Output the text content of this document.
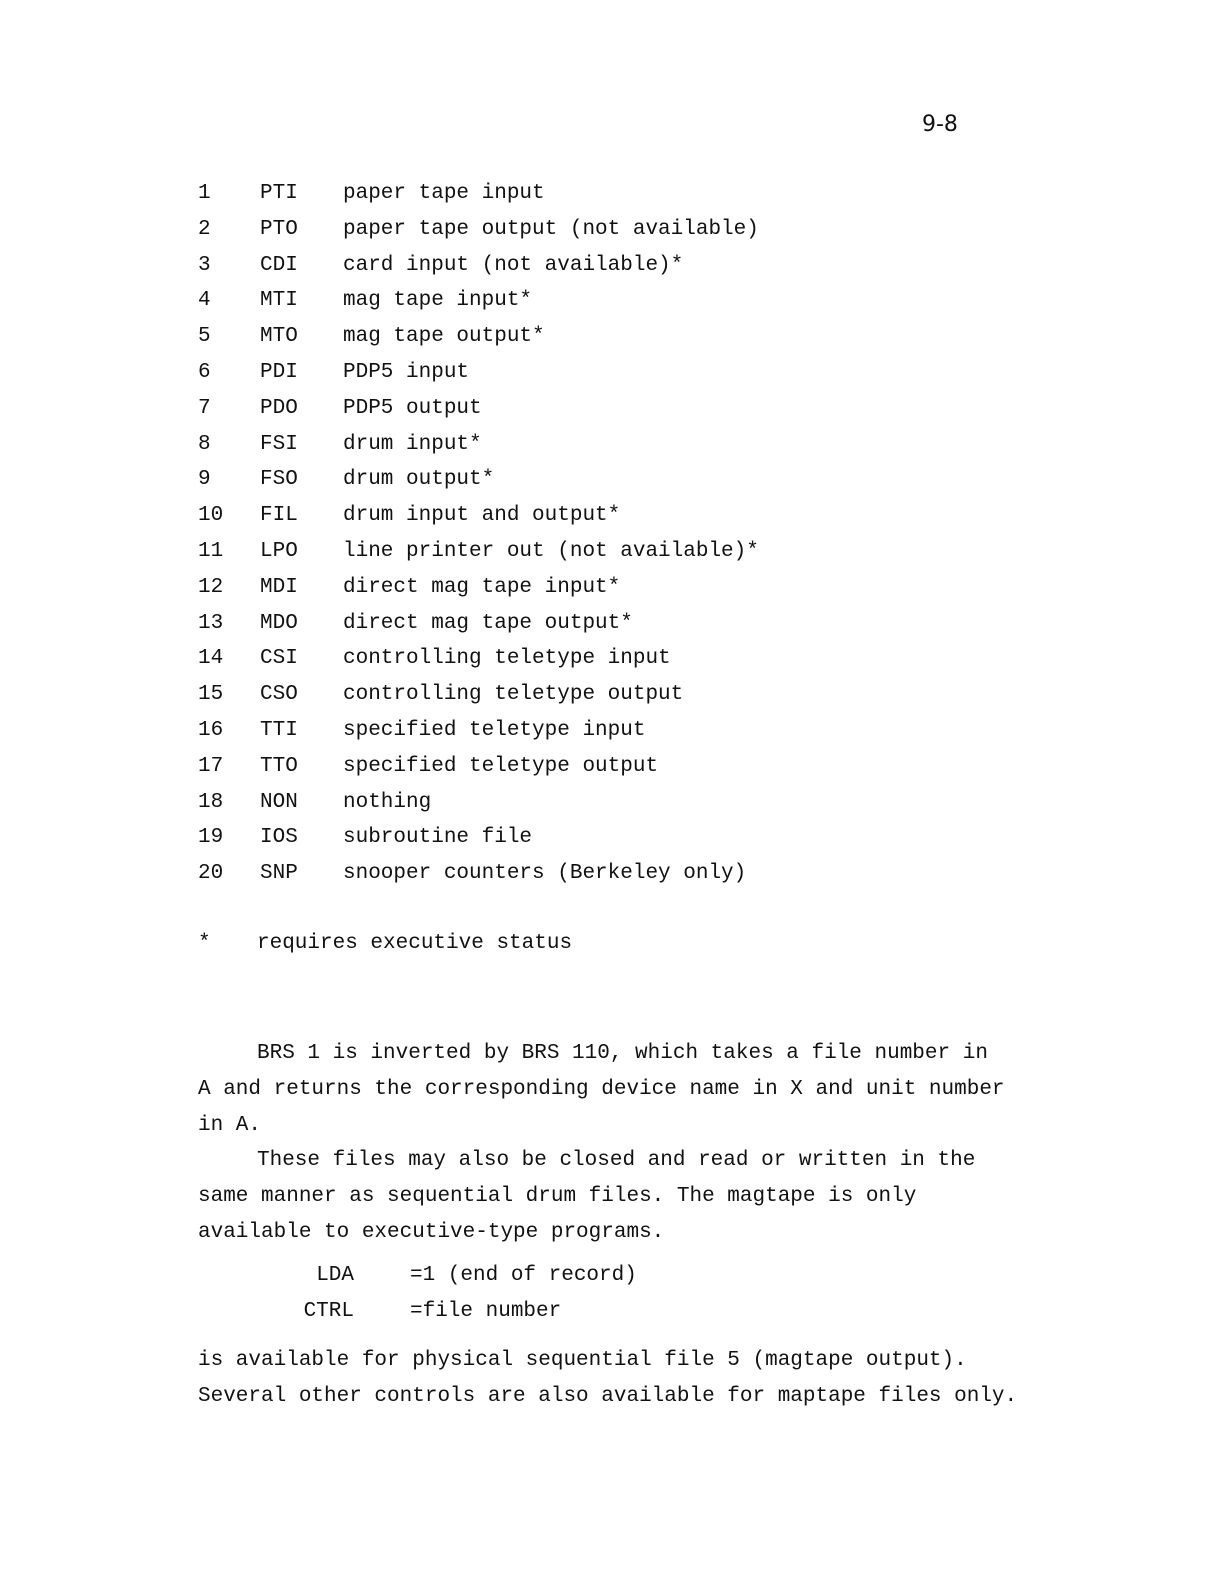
9-8
1 PTI paper tape input
2 PTO paper tape output (not available)
3 CDI card input (not available)*
4 MTI mag tape input*
5 MTO mag tape output*
6 PDI PDP5 input
7 PDO PDP5 output
8 FSI drum input*
9 FSO drum output*
10 FIL drum input and output*
11 LPO line printer out (not available)*
12 MDI direct mag tape input*
13 MDO direct mag tape output*
14 CSI controlling teletype input
15 CSO controlling teletype output
16 TTI specified teletype input
17 TTO specified teletype output
18 NON nothing
19 IOS subroutine file
20 SNP snooper counters (Berkeley only)
* requires executive status

BRS 1 is inverted by BRS 110, which takes a file number in

A and returns the corresponding device name in X and unit number

in A.

These files may also be closed and read or written in the

same manner as sequential drum files. The magtape is only

available to executive-type programs.

LDA	=1 (end of record)
CTRL	=file number

is available for physical sequential file 5 (magtape output).

Several other controls are also available for maptape files only.
